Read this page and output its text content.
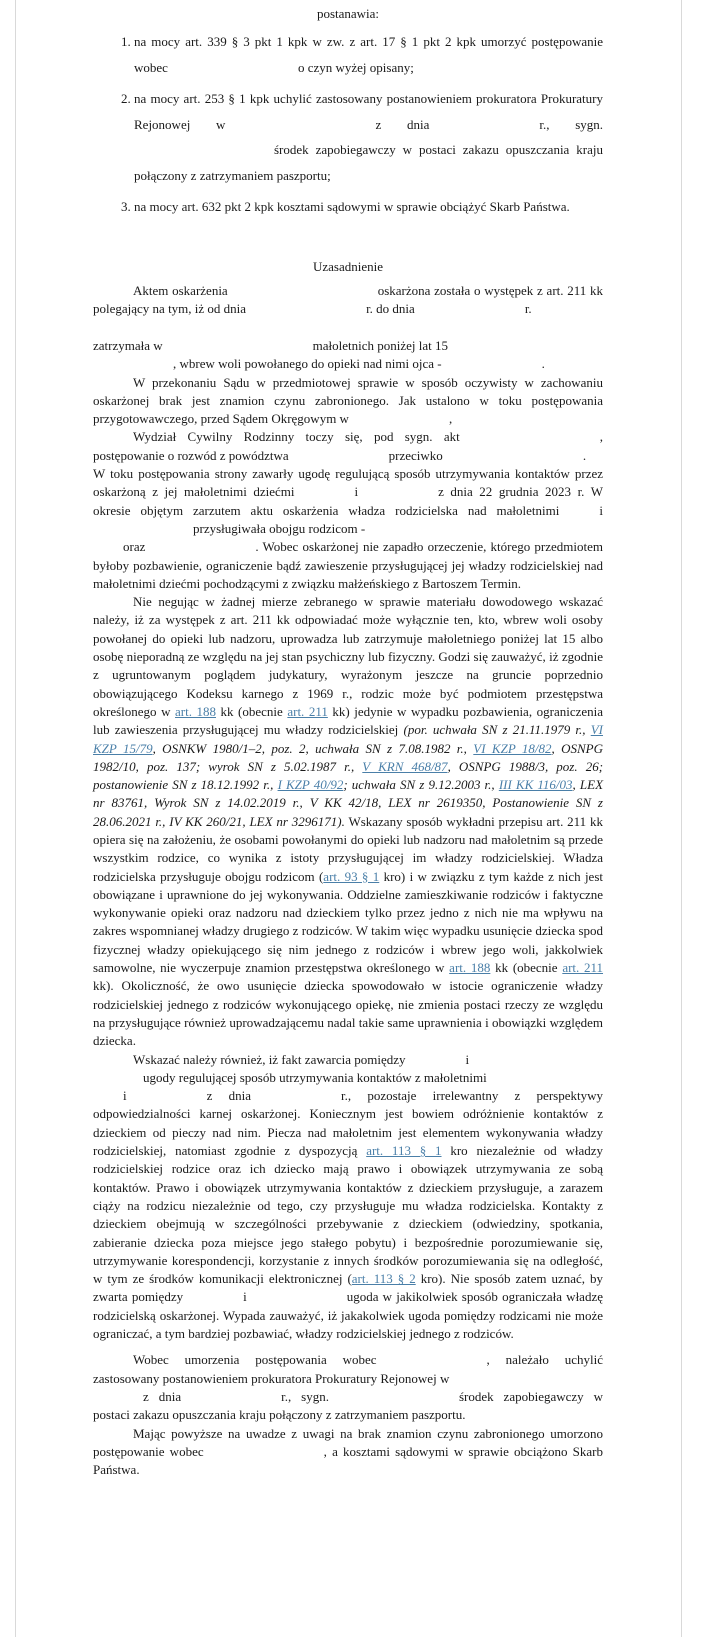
postanawia:

1. na mocy art. 339 § 3 pkt 1 kpk w zw. z art. 17 § 1 pkt 2 kpk umorzyć postępowanie wobec	o czyn wyżej opisany;
2. na mocy art. 253 § 1 kpk uchylić zastosowany postanowieniem prokuratora Prokuratury Rejonowej w	z dnia	r., sygn.środek zapobiegawczy w postaci zakazu opuszczania kraju połączony z zatrzymaniem paszportu;
3. na mocy art. 632 pkt 2 kpk kosztami sądowymi w sprawie obciążyć Skarb Państwa.

Uzasadnienie

Aktem oskarżenia	oskarżona została o występek z art. 211 kk polegający na tym, iż od dnia	r. do dnia	r.

zatrzymała w	małoletnich poniżej lat 15
, wbrew woli powołanego do opieki nad nimi ojca -	.

W przekonaniu Sądu w przedmiotowej sprawie w sposób oczywisty w zachowaniu oskarżonej brak jest znamion czynu zabronionego. Jak ustalono w toku postępowania przygotowawczego, przed Sądem Okręgowym w	,
Wydział Cywilny Rodzinny toczy się, pod sygn. akt	, postępowanie o rozwód z powództwa	przeciwko	.
W toku postępowania strony zawarły ugodę regulującą sposób utrzymywania kontaktów przez oskarżoną z jej małoletnimi dziećmi	i	z dnia 22 grudnia 2023 r. W okresie objętym zarzutem aktu oskarżenia władza rodzicielska nad małoletnimi	iprzysługiwała obojgu rodzicom -
oraz	. Wobec oskarżonej nie zapadło orzeczenie, którego przedmiotem byłoby pozbawienie, ograniczenie bądź zawieszenie przysługującej jej władzy rodzicielskiej nad małoletnimi dziećmi pochodzącymi z związku małżeńskiego z Bartoszem Termin.

Nie negując w żadnej mierze zebranego w sprawie materiału dowodowego wskazać należy, iż za występek z art. 211 kk odpowiadać może wyłącznie ten, kto, wbrew woli osoby powołanej do opieki lub nadzoru, uprowadza lub zatrzymuje małoletniego poniżej lat 15 albo osobę nieporadną ze względu na jej stan psychiczny lub fizyczny. Godzi się zauważyć, iż zgodnie z ugruntowanym poglądem judykatury, wyrażonym jeszcze na gruncie poprzednio obowiązującego Kodeksu karnego z 1969 r., rodzic może być podmiotem przestępstwa określonego w art. 188 kk (obecnie art. 211 kk) jedynie w wypadku pozbawienia, ograniczenia lub zawieszenia przysługującej mu władzy rodzicielskiej (por. uchwała SN z 21.11.1979 r., VI KZP 15/79, OSNKW 1980/1–2, poz. 2, uchwała SN z 7.08.1982 r., VI KZP 18/82, OSNPG 1982/10, poz. 137; wyrok SN z 5.02.1987 r., V KRN 468/87, OSNPG 1988/3, poz. 26; postanowienie SN z 18.12.1992 r., I KZP 40/92; uchwała SN z 9.12.2003 r., III KK 116/03, LEX nr 83761, Wyrok SN z 14.02.2019 r., V KK 42/18, LEX nr 2619350, Postanowienie SN z 28.06.2021 r., IV KK 260/21, LEX nr 3296171). Wskazany sposób wykładni przepisu art. 211 kk opiera się na założeniu, że osobami powołanymi do opieki lub nadzoru nad małoletnim są przede wszystkim rodzice, co wynika z istoty przysługującej im władzy rodzicielskiej. Władza rodzicielska przysługuje obojgu rodzicom (art. 93 § 1 kro) i w związku z tym każde z nich jest obowiązane i uprawnione do jej wykonywania. Oddzielne zamieszkiwanie rodziców i faktyczne wykonywanie opieki oraz nadzoru nad dzieckiem tylko przez jedno z nich nie ma wpływu na zakres wspomnianej władzy drugiego z rodziców. W takim więc wypadku usunięcie dziecka spod fizycznej władzy opiekującego się nim jednego z rodziców i wbrew jego woli, jakkolwiek samowolne, nie wyczerpuje znamion przestępstwa określonego w art. 188 kk (obecnie art. 211 kk). Okoliczność, że owo usunięcie dziecka spowodowało w istocie ograniczenie władzy rodzicielskiej jednego z rodziców wykonującego opiekę, nie zmienia postaci rzeczy ze względu na przysługujące również uprowadzającemu nadal takie same uprawnienia i obowiązki względem dziecka.

Wskazać należy również, iż fakt zawarcia pomiędzy	i
ugody regulującej sposób utrzymywania kontaktów z małoletnimi
i	z dnia	r., pozostaje irrelewantny z perspektywy odpowiedzialności karnej oskarżonej. Koniecznym jest bowiem odróżnienie kontaktów z dzieckiem od pieczy nad nim. Piecza nad małoletnim jest elementem wykonywania władzy rodzicielskiej, natomiast zgodnie z dyspozycją art. 113 § 1 kro niezależnie od władzy rodzicielskiej rodzice oraz ich dziecko mają prawo i obowiązek utrzymywania ze sobą kontaktów. Prawo i obowiązek utrzymywania kontaktów z dzieckiem przysługuje, a zarazem ciąży na rodzicu niezależnie od tego, czy przysługuje mu władza rodzicielska. Kontakty z dzieckiem obejmują w szczególności przebywanie z dzieckiem (odwiedziny, spotkania, zabieranie dziecka poza miejsce jego stałego pobytu) i bezpośrednie porozumiewanie się, utrzymywanie korespondencji, korzystanie z innych środków porozumiewania się na odległość, w tym ze środków komunikacji elektronicznej (art. 113 § 2 kro). Nie sposób zatem uznać, by zwarta pomiędzy	i	ugoda w jakikolwiek sposób ograniczała władzę rodzicielską oskarżonej. Wypada zauważyć, iż jakakolwiek ugoda pomiędzy rodzicami nie może ograniczać, a tym bardziej pozbawiać, władzy rodzicielskiej jednego z rodziców.

Wobec umorzenia postępowania wobec	, należało uchylić zastosowany postanowieniem prokuratora Prokuratury Rejonowej w
z dnia	r., sygn.	środek zapobiegawczy w postaci zakazu opuszczania kraju połączony z zatrzymaniem paszportu.

Mając powyższe na uwadze z uwagi na brak znamion czynu zabronionego umorzono postępowanie wobec	, a kosztami sądowymi w sprawie obciążono Skarb Państwa.
